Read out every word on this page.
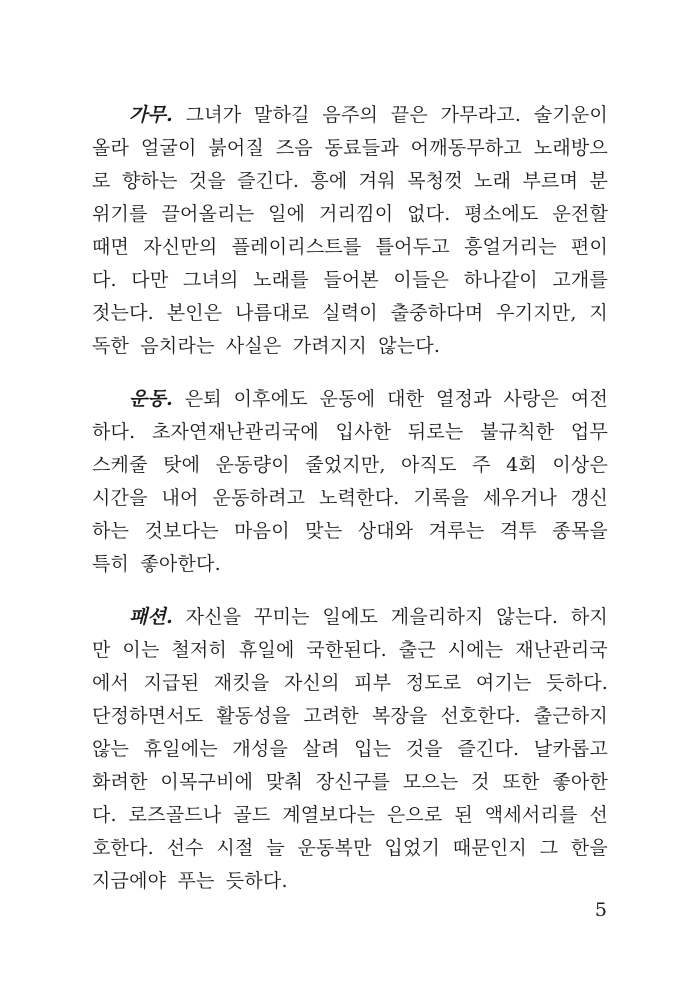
가무. 그녀가 말하길 음주의 끝은 가무라고. 술기운이 올라 얼굴이 붉어질 즈음 동료들과 어깨동무하고 노래방으로 향하는 것을 즐긴다. 흥에 겨워 목청껏 노래 부르며 분위기를 끌어올리는 일에 거리낌이 없다. 평소에도 운전할 때면 자신만의 플레이리스트를 틀어두고 흥얼거리는 편이다. 다만 그녀의 노래를 들어본 이들은 하나같이 고개를 젓는다. 본인은 나름대로 실력이 출중하다며 우기지만, 지독한 음치라는 사실은 가려지지 않는다.

운동. 은퇴 이후에도 운동에 대한 열정과 사랑은 여전하다. 초자연재난관리국에 입사한 뒤로는 불규칙한 업무 스케줄 탓에 운동량이 줄었지만, 아직도 주 4회 이상은 시간을 내어 운동하려고 노력한다. 기록을 세우거나 갱신하는 것보다는 마음이 맞는 상대와 겨루는 격투 종목을 특히 좋아한다.

패션. 자신을 꾸미는 일에도 게을리하지 않는다. 하지만 이는 철저히 휴일에 국한된다. 출근 시에는 재난관리국에서 지급된 재킷을 자신의 피부 정도로 여기는 듯하다. 단정하면서도 활동성을 고려한 복장을 선호한다. 출근하지 않는 휴일에는 개성을 살려 입는 것을 즐긴다. 날카롭고 화려한 이목구비에 맞춰 장신구를 모으는 것 또한 좋아한다. 로즈골드나 골드 계열보다는 은으로 된 액세서리를 선호한다. 선수 시절 늘 운동복만 입었기 때문인지 그 한을 지금에야 푸는 듯하다.

5
